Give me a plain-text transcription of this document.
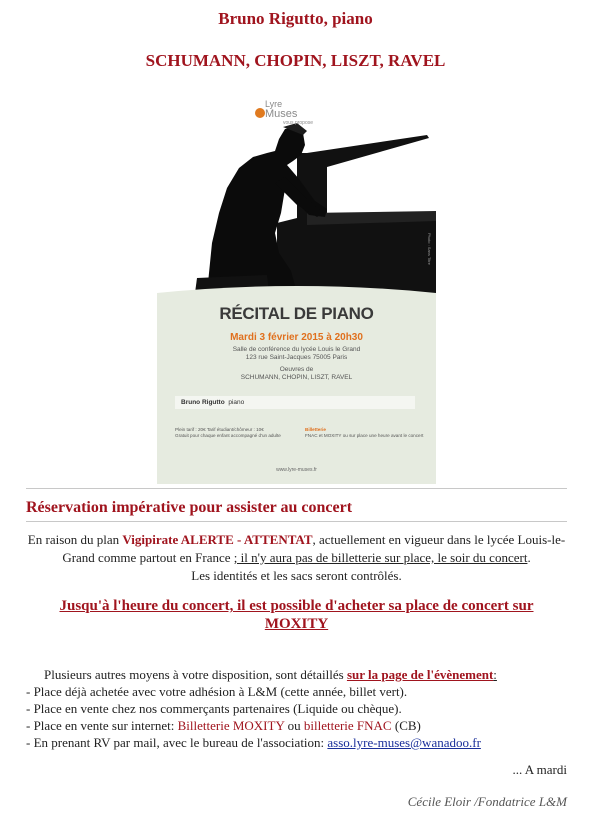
Bruno Rigutto, piano
SCHUMANN, CHOPIN, LISZT, RAVEL
Lyre
Muses
vous propose
Photo : Sans Titre
RÉCITAL DE PIANO
Mardi 3 février 2015 à 20h30
Salle de conférence du lycée Louis le Grand
123 rue Saint-Jacques 75005 Paris
Oeuvres de
SCHUMANN, CHOPIN, LISZT, RAVEL
Bruno Rigutto piano
Plein tarif : 20€ Tarif étudiant/chômeur : 10€
Gratuit pour chaque enfant accompagné d'un adulte
Billetterie
FNAC et MOXITY ou sur place une heure avant le concert
www.lyre-muses.fr
Réservation impérative pour assister au concert
En raison du plan Vigipirate ALERTE - ATTENTAT, actuellement en vigueur dans le lycée Louis-le-Grand comme partout en France ; il n'y aura pas de billetterie sur place, le soir du concert.
Les identités et les sacs seront contrôlés.
Jusqu'à l'heure du concert, il est possible d'acheter sa place de concert sur MOXITY
Plusieurs autres moyens à votre disposition, sont détaillés sur la page de l'évènement:
- Place déjà achetée avec votre adhésion à L&M (cette année, billet vert).
- Place en vente chez nos commerçants partenaires (Liquide ou chèque).
- Place en vente sur internet: Billetterie MOXITY ou billetterie FNAC (CB)
- En prenant RV par mail, avec le bureau de l'association: asso.lyre-muses@wanadoo.fr
... A mardi
Cécile Eloir /Fondatrice L&M
